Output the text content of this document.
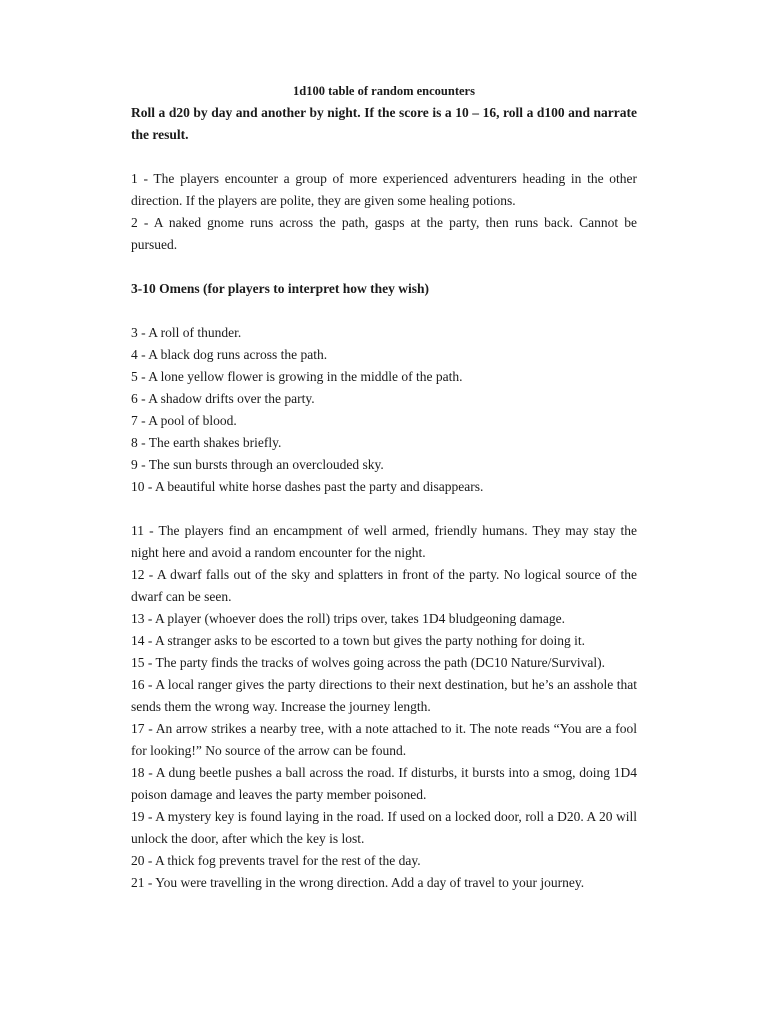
1d100 table of random encounters

Roll a d20 by day and another by night. If the score is a 10 – 16, roll a d100 and narrate the result.

1 - The players encounter a group of more experienced adventurers heading in the other direction. If the players are polite, they are given some healing potions.

2 - A naked gnome runs across the path, gasps at the party, then runs back. Cannot be pursued.

3-10 Omens (for players to interpret how they wish)

3 - A roll of thunder.

4 - A black dog runs across the path.

5 - A lone yellow flower is growing in the middle of the path.

6 - A shadow drifts over the party.

7 - A pool of blood.

8 - The earth shakes briefly.

9 - The sun bursts through an overclouded sky.

10 - A beautiful white horse dashes past the party and disappears.

11 - The players find an encampment of well armed, friendly humans. They may stay the night here and avoid a random encounter for the night.

12 - A dwarf falls out of the sky and splatters in front of the party. No logical source of the dwarf can be seen.

13 - A player (whoever does the roll) trips over, takes 1D4 bludgeoning damage.

14 - A stranger asks to be escorted to a town but gives the party nothing for doing it.

15 - The party finds the tracks of wolves going across the path (DC10 Nature/Survival).

16 - A local ranger gives the party directions to their next destination, but he’s an asshole that sends them the wrong way. Increase the journey length.

17 - An arrow strikes a nearby tree, with a note attached to it. The note reads “You are a fool for looking!” No source of the arrow can be found.

18 - A dung beetle pushes a ball across the road. If disturbs, it bursts into a smog, doing 1D4 poison damage and leaves the party member poisoned.

19 - A mystery key is found laying in the road. If used on a locked door, roll a D20. A 20 will unlock the door, after which the key is lost.

20 - A thick fog prevents travel for the rest of the day.

21 - You were travelling in the wrong direction. Add a day of travel to your journey.
